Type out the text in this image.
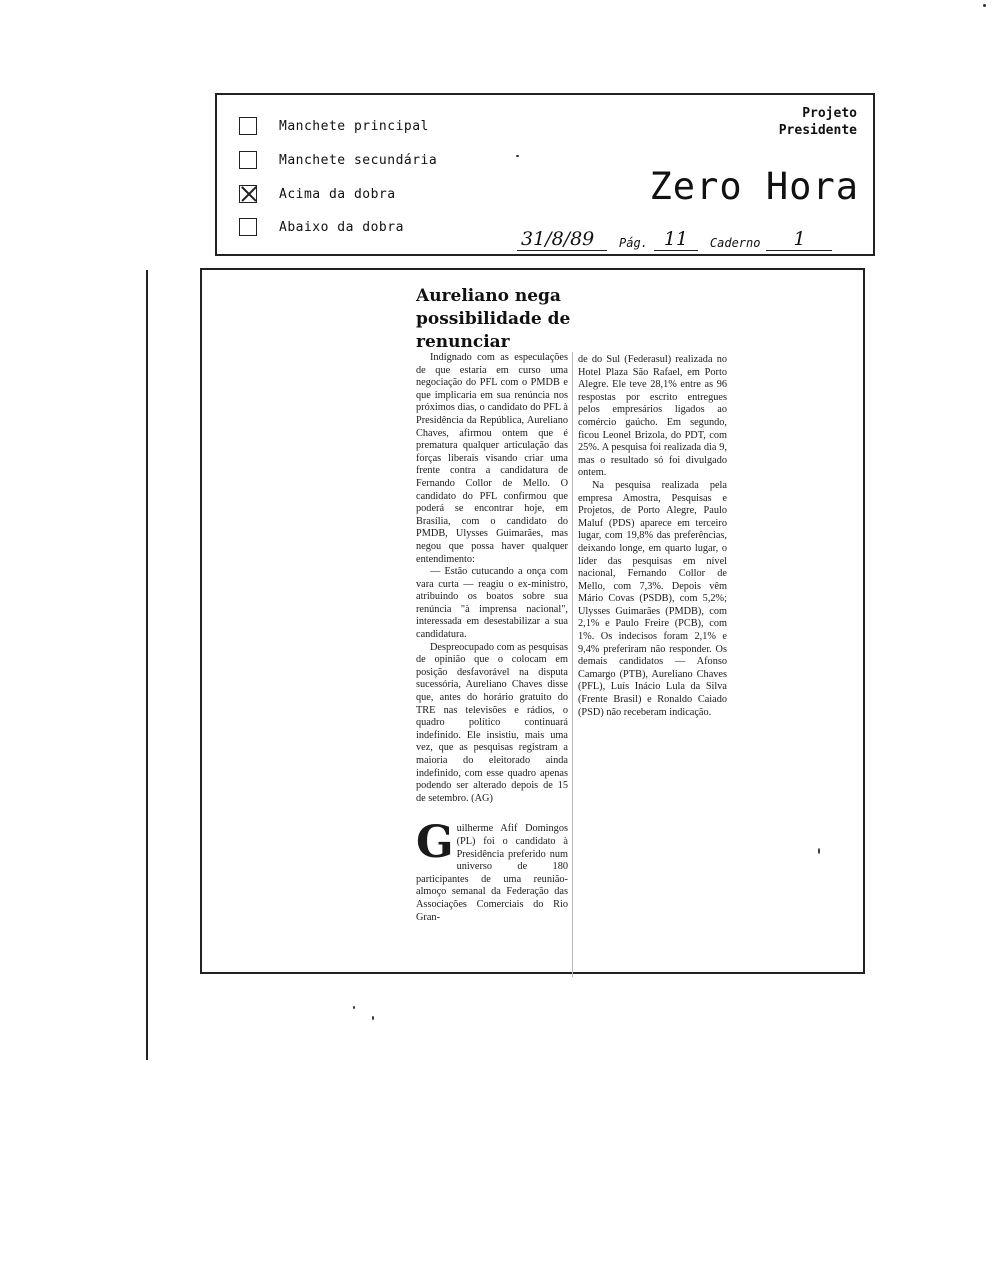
Manchete principal
Manchete secundária
Acima da dobra
Abaixo da dobra
Projeto
Presidente
Zero Hora
31/8/89	Pág. 11	Caderno	1
Aureliano nega possibilidade de renunciar

Indignado com as especulações de que estaria em curso uma negociação do PFL com o PMDB e que implicaria em sua renúncia nos próximos dias, o candidato do PFL à Presidência da República, Aureliano Chaves, afirmou ontem que é prematura qualquer articulação das forças liberais visando criar uma frente contra a candidatura de Fernando Collor de Mello. O candidato do PFL confirmou que poderá se encontrar hoje, em Brasília, com o candidato do PMDB, Ulysses Guimarães, mas negou que possa haver qualquer entendimento:

— Estão cutucando a onça com vara curta — reagiu o ex-ministro, atribuindo os boatos sobre sua renúncia "à imprensa nacional", interessada em desestabilizar a sua candidatura.

Despreocupado com as pesquisas de opinião que o colocam em posição desfavorável na disputa sucessória, Aureliano Chaves disse que, antes do horário gratuito do TRE nas televisões e rádios, o quadro político continuará indefinido. Ele insistiu, mais uma vez, que as pesquisas registram a maioria do eleitorado ainda indefinido, com esse quadro apenas podendo ser alterado depois de 15 de setembro. (AG)

G uilherme Afif Domingos (PL) foi o candidato à Presidência preferido num universo de 180 participantes de uma reunião-almoço semanal da Federação das Associações Comerciais do Rio Gran-

de do Sul (Federasul) realizada no Hotel Plaza São Rafael, em Porto Alegre. Ele teve 28,1% entre as 96 respostas por escrito entregues pelos empresários ligados ao comércio gaúcho. Em segundo, ficou Leonel Brizola, do PDT, com 25%. A pesquisa foi realizada dia 9, mas o resultado só foi divulgado ontem.

Na pesquisa realizada pela empresa Amostra, Pesquisas e Projetos, de Porto Alegre, Paulo Maluf (PDS) aparece em terceiro lugar, com 19,8% das preferências, deixando longe, em quarto lugar, o líder das pesquisas em nível nacional, Fernando Collor de Mello, com 7,3%. Depois vêm Mário Covas (PSDB), com 5,2%; Ulysses Guimarães (PMDB), com 2,1% e Paulo Freire (PCB), com 1%. Os indecisos foram 2,1% e 9,4% preferiram não responder. Os demais candidatos — Afonso Camargo (PTB), Aureliano Chaves (PFL), Luís Inácio Lula da Silva (Frente Brasil) e Ronaldo Caiado (PSD) não receberam indicação.
